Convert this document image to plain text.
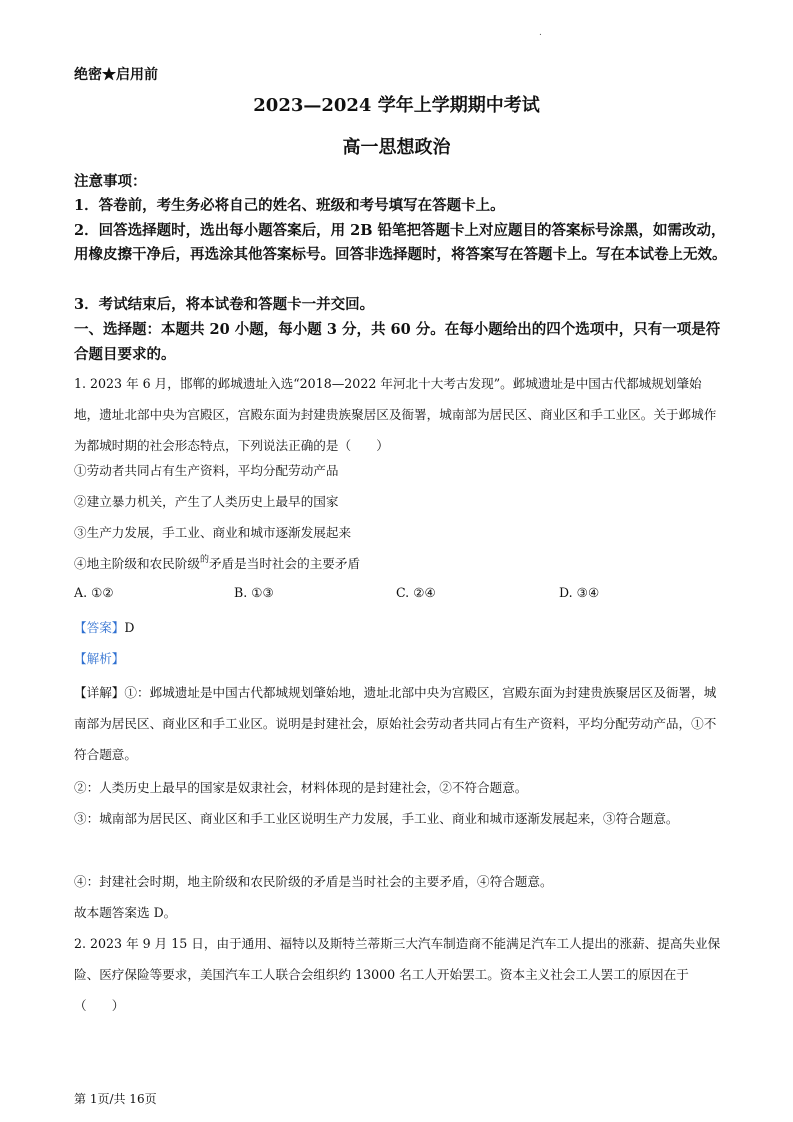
.
绝密★启用前
2023—2024 学年上学期期中考试
高一思想政治
注意事项：
1．答卷前，考生务必将自己的姓名、班级和考号填写在答题卡上。
2．回答选择题时，选出每小题答案后，用 2B 铅笔把答题卡上对应题目的答案标号涂黑，如需改动，用橡皮擦干净后，再选涂其他答案标号。回答非选择题时，将答案写在答题卡上。写在本试卷上无效。
3．考试结束后，将本试卷和答题卡一并交回。
一、选择题：本题共 20 小题，每小题 3 分，共 60 分。在每小题给出的四个选项中，只有一项是符合题目要求的。
1. 2023 年 6 月，邯郸的邺城遗址入选“2018—2022 年河北十大考古发现”。邺城遗址是中国古代都城规划肇始地，遗址北部中央为宫殿区，宫殿东面为封建贵族聚居区及衙署，城南部为居民区、商业区和手工业区。关于邺城作为都城时期的社会形态特点，下列说法正确的是（　　）
①劳动者共同占有生产资料，平均分配劳动产品
②建立暴力机关，产生了人类历史上最早的国家
③生产力发展，手工业、商业和城市逐渐发展起来
④地主阶级和农民阶级$^的$矛盾是当时社会的主要矛盾
A. ①②	B. ①③	C. ②④	D. ③④
【答案】D
【解析】
【详解】①：邺城遗址是中国古代都城规划肇始地，遗址北部中央为宫殿区，宫殿东面为封建贵族聚居区及衙署，城南部为居民区、商业区和手工业区。说明是封建社会，原始社会劳动者共同占有生产资料，平均分配劳动产品，①不符合题意。
②：人类历史上最早的国家是奴隶社会，材料体现的是封建社会，②不符合题意。
③：城南部为居民区、商业区和手工业区说明生产力发展，手工业、商业和城市逐渐发展起来，③符合题意。
④：封建社会时期，地主阶级和农民阶级的矛盾是当时社会的主要矛盾，④符合题意。
故本题答案选 D。
2. 2023 年 9 月 15 日，由于通用、福特以及斯特兰蒂斯三大汽车制造商不能满足汽车工人提出的涨薪、提高失业保险、医疗保险等要求，美国汽车工人联合会组织约 13000 名工人开始罢工。资本主义社会工人罢工的原因在于（　　）
第 1页/共 16页
